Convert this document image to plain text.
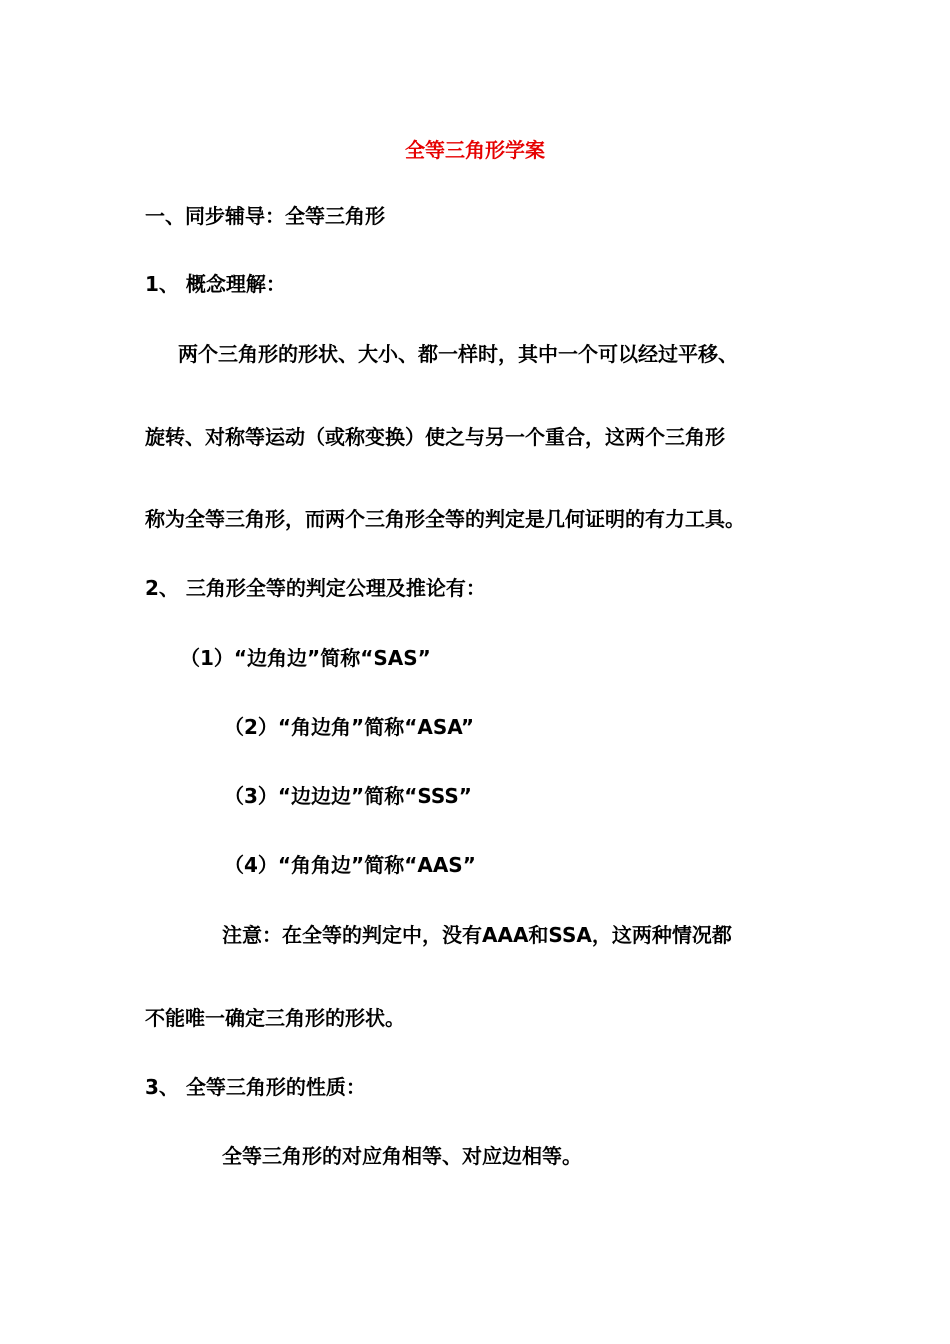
全等三角形学案
一、同步辅导：全等三角形
1、 概念理解：
两个三角形的形状、大小、都一样时，其中一个可以经过平移、
旋转、对称等运动（或称变换）使之与另一个重合，这两个三角形
称为全等三角形，而两个三角形全等的判定是几何证明的有力工具。
2、 三角形全等的判定公理及推论有：
（1）“边角边”简称“SAS”
（2）“角边角”简称“ASA”
（3）“边边边”简称“SSS”
（4）“角角边”简称“AAS”
注意：在全等的判定中，没有AAA和SSA，这两种情况都
不能唯一确定三角形的形状。
3、 全等三角形的性质：
全等三角形的对应角相等、对应边相等。
